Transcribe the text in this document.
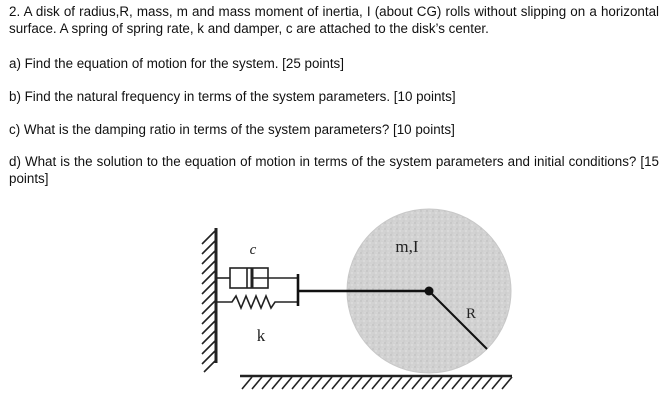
2. A disk of radius,R, mass, m and mass moment of inertia, I (about CG) rolls without slipping on a horizontal surface. A spring of spring rate, k and damper, c are attached to the disk’s center.

a) Find the equation of motion for the system. [25 points]

b) Find the natural frequency in terms of the system parameters. [10 points]

c) What is the damping ratio in terms of the system parameters? [10 points]

d) What is the solution to the equation of motion in terms of the system parameters and initial conditions? [15 points]

c
k
m,I
R
